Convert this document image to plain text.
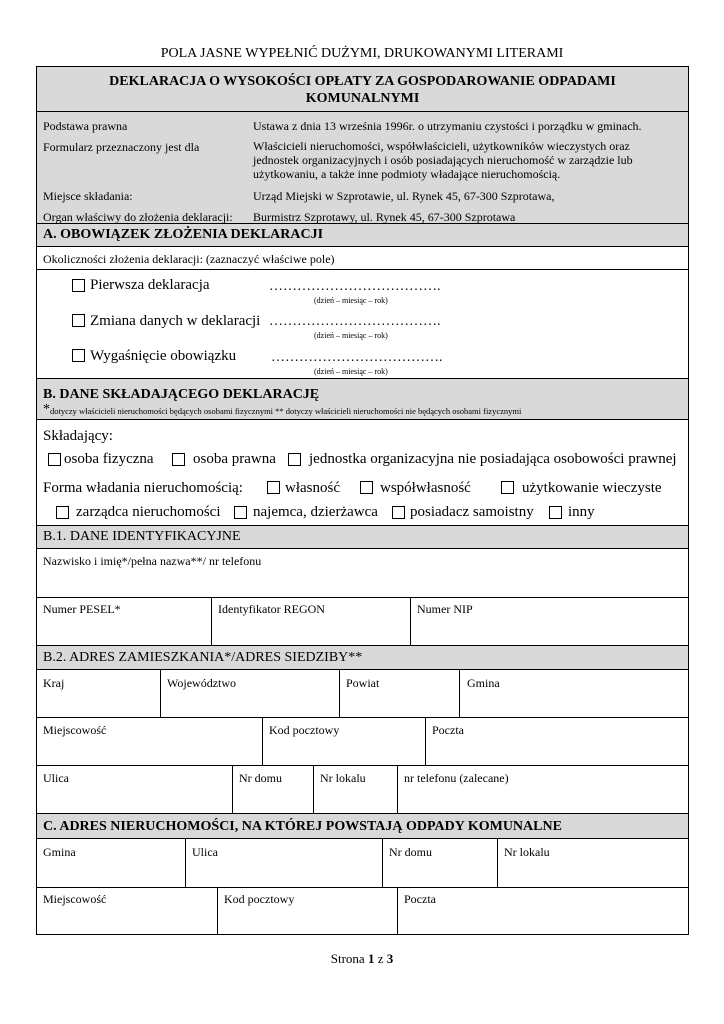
POLA JASNE WYPEŁNIĆ DUŻYMI, DRUKOWANYMI LITERAMI
DEKLARACJA O WYSOKOŚCI OPŁATY ZA GOSPODAROWANIE ODPADAMI
KOMUNALNYMI
Podstawa prawna	Ustawa z dnia 13 września 1996r. o utrzymaniu czystości i porządku w gminach.
Formularz przeznaczony jest dla	Właścicieli nieruchomości, współwłaścicieli, użytkowników wieczystych oraz jednostek organizacyjnych i osób posiadających nieruchomość w zarządzie lub użytkowaniu, a także inne podmioty władające nieruchomością.
Miejsce składania:	Urząd Miejski w Szprotawie, ul. Rynek 45, 67-300 Szprotawa,
Organ właściwy do złożenia deklaracji: Burmistrz Szprotawy, ul. Rynek 45, 67-300 Szprotawa
A. OBOWIĄZEK ZŁOŻENIA DEKLARACJI
Okoliczności złożenia deklaracji: (zaznaczyć właściwe pole)
Pierwsza deklaracja	……………………………….
(dzień – miesiąc – rok)
Zmiana danych w deklaracji ……………………………….
(dzień – miesiąc – rok)
Wygaśnięcie obowiązku ……………………………….
(dzień – miesiąc – rok)
B. DANE SKŁADAJĄCEGO DEKLARACJĘ
* dotyczy właścicieli nieruchomości będących osobami fizycznymi ** dotyczy właścicieli nieruchomości nie będących osobami fizycznymi
Składający:
osoba fizyczna	osoba prawna jednostka organizacyjna nie posiadająca osobowości prawnej
Forma władania nieruchomością:	własność	współwłasność	użytkowanie wieczyste
zarządca nieruchomości najemca, dzierżawca posiadacz samoistny inny
B.1. DANE IDENTYFIKACYJNE
Nazwisko i imię*/pełna nazwa**/ nr telefonu
Numer PESEL*	Identyfikator REGON	Numer NIP
B.2. ADRES ZAMIESZKANIA*/ADRES SIEDZIBY**
Kraj	Województwo	Powiat	Gmina
Miejscowość	Kod pocztowy	Poczta
Ulica	Nr domu	Nr lokalu	nr telefonu (zalecane)
C. ADRES NIERUCHOMOŚCI, NA KTÓREJ POWSTAJĄ ODPADY KOMUNALNE
Gmina	Ulica	Nr domu	Nr lokalu
Miejscowość	Kod pocztowy	Poczta
Strona 1 z 3
